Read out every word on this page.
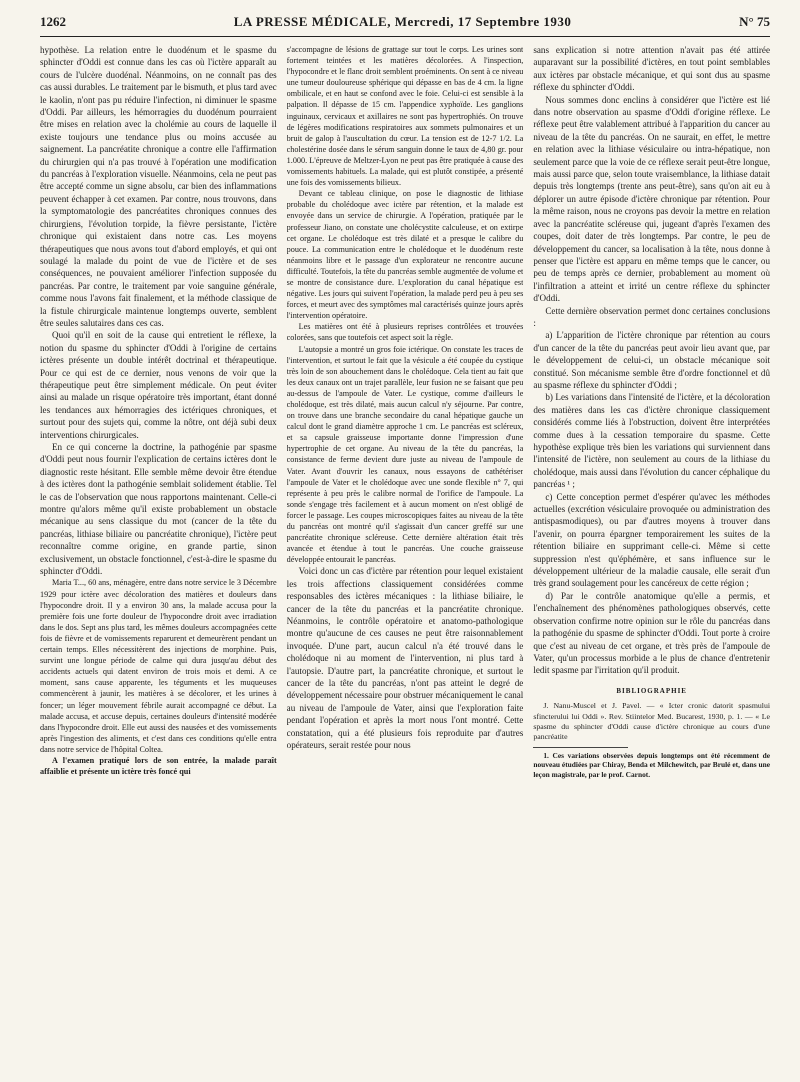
1262	LA PRESSE MÉDICALE, Mercredi, 17 Septembre 1930	N° 75

hypothèse. La relation entre le duodénum et le spasme du sphincter d'Oddi est connue dans les cas où l'ictère apparaît au cours de l'ulcère duodénal. Néanmoins, on ne connaît pas des cas aussi durables. Le traitement par le bismuth, et plus tard avec le kaolin, n'ont pas pu réduire l'infection, ni diminuer le spasme d'Oddi. Par ailleurs, les hémorragies du duodénum pourraient être mises en relation avec la cholémie au cours de laquelle il existe toujours une tendance plus ou moins accusée au saignement. La pancréatite chronique a contre elle l'affirmation du chirurgien qui n'a pas trouvé à l'opération une modification du pancréas à l'exploration visuelle. Néanmoins, cela ne peut pas être accepté comme un signe absolu, car bien des inflammations peuvent échapper à cet examen. Par contre, nous trouvons, dans la symptomatologie des pancréatites chroniques connues des chirurgiens, l'évolution torpide, la fièvre persistante, l'ictère chronique qui existaient dans notre cas. Les moyens thérapeutiques que nous avons tout d'abord employés, et qui ont soulagé la malade du point de vue de l'ictère et de ses conséquences, ne pouvaient améliorer l'infection supposée du pancréas. Par contre, le traitement par voie sanguine générale, comme nous l'avons fait finalement, et la méthode classique de la fistule chirurgicale maintenue longtemps ouverte, semblent être seules salutaires dans ces cas.

Quoi qu'il en soit de la cause qui entretient le réflexe, la notion du spasme du sphincter d'Oddi à l'origine de certains ictères présente un double intérêt doctrinal et thérapeutique. Pour ce qui est de ce dernier, nous venons de voir que la thérapeutique peut être simplement médicale. On peut éviter ainsi au malade un risque opératoire très important, étant donné les tendances aux hémorragies des ictériques chroniques, et surtout pour des sujets qui, comme la nôtre, ont déjà subi deux interventions chirurgicales.

En ce qui concerne la doctrine, la pathogénie par spasme d'Oddi peut nous fournir l'explication de certains ictères dont le diagnostic reste hésitant. Elle semble même devoir être étendue à des ictères dont la pathogénie semblait solidement établie. Tel le cas de l'observation que nous rapportons maintenant. Celle-ci montre qu'alors même qu'il existe probablement un obstacle mécanique au sens classique du mot (cancer de la tête du pancréas, lithiase biliaire ou pancréatite chronique), l'ictère peut reconnaître comme origine, en grande partie, sinon exclusivement, un obstacle fonctionnel, c'est-à-dire le spasme du sphincter d'Oddi.

Maria T..., 60 ans, ménagère, entre dans notre service le 3 Décembre 1929 pour ictère avec décoloration des matières et douleurs dans l'hypocondre droit. Il y a environ 30 ans, la malade accusa pour la première fois une forte douleur de l'hypocondre droit avec irradiation dans le dos. Sept ans plus tard, les mêmes douleurs accompagnées cette fois de fièvre et de vomissements reparurent et demeurèrent pendant un certain temps. Elles nécessitèrent des injections de morphine. Puis, survint une longue période de calme qui dura jusqu'au début des accidents actuels qui datent environ de trois mois et demi. A ce moment, sans cause apparente, les téguments et les muqueuses commencèrent à jaunir, les matières à se décolorer, et les urines à foncer; un léger mouvement fébrile aurait accompagné ce début. La malade accusa, et accuse depuis, certaines douleurs d'intensité modérée dans l'hypocondre droit. Elle eut aussi des nausées et des vomissements après l'ingestion des aliments, et c'est dans ces conditions qu'elle entra dans notre service de l'hôpital Coltea.

A l'examen pratiqué lors de son entrée, la malade paraît affaiblie et présente un ictère très foncé qui

s'accompagne de lésions de grattage sur tout le corps. Les urines sont fortement teintées et les matières décolorées. A l'inspection, l'hypocondre et le flanc droit semblent proéminents. On sent à ce niveau une tumeur douloureuse sphérique qui dépasse en bas de 4 cm. la ligne ombilicale, et en haut se confond avec le foie. Celui-ci est sensible à la palpation. Il dépasse de 15 cm. l'appendice xyphoïde. Les ganglions inguinaux, cervicaux et axillaires ne sont pas hypertrophiés. On trouve de légères modifications respiratoires aux sommets pulmonaires et un bruit de galop à l'auscultation du cœur. La tension est de 12-7 1/2. La cholestérine dosée dans le sérum sanguin donne le taux de 4,80 gr. pour 1.000. L'épreuve de Meltzer-Lyon ne peut pas être pratiquée à cause des vomissements habituels. La malade, qui est plutôt constipée, a présenté une fois des vomissements bilieux.

Devant ce tableau clinique, on pose le diagnostic de lithiase probable du cholédoque avec ictère par rétention, et la malade est envoyée dans un service de chirurgie. A l'opération, pratiquée par le professeur Jiano, on constate une cholécystite calculeuse, et on extirpe cet organe. Le cholédoque est très dilaté et a presque le calibre du pouce. La communication entre le cholédoque et le duodénum reste néanmoins libre et le passage d'un explorateur ne rencontre aucune difficulté. Toutefois, la tête du pancréas semble augmentée de volume et se montre de consistance dure. L'exploration du canal hépatique est négative. Les jours qui suivent l'opération, la malade perd peu à peu ses forces, et meurt avec des symptômes mal caractérisés quinze jours après l'intervention opératoire.

Les matières ont été à plusieurs reprises contrôlées et trouvées colorées, sans que toutefois cet aspect soit la règle.

L'autopsie a montré un gros foie ictérique. On constate les traces de l'intervention, et surtout le fait que la vésicule a été coupée du cystique très loin de son abouchement dans le cholédoque. Cela tient au fait que les deux canaux ont un trajet parallèle, leur fusion ne se faisant que peu au-dessus de l'ampoule de Vater. Le cystique, comme d'ailleurs le cholédoque, est très dilaté, mais aucun calcul n'y séjourne. Par contre, on trouve dans une branche secondaire du canal hépatique gauche un calcul dont le grand diamètre approche 1 cm. Le pancréas est scléreux, et sa capsule graisseuse importante donne l'impression d'une hypertrophie de cet organe. Au niveau de la tête du pancréas, la consistance de ferme devient dure juste au niveau de l'ampoule de Vater. Avant d'ouvrir les canaux, nous essayons de cathétériser l'ampoule de Vater et le cholédoque avec une sonde flexible n° 7, qui représente à peu près le calibre normal de l'orifice de l'ampoule. La sonde s'engage très facilement et à aucun moment on n'est obligé de forcer le passage. Les coupes microscopiques faites au niveau de la tête du pancréas ont montré qu'il s'agissait d'un cancer greffé sur une pancréatite chronique scléreuse. Cette dernière altération était très avancée et étendue à tout le pancréas. Une couche graisseuse développée entourait le pancréas.

Voici donc un cas d'ictère par rétention pour lequel existaient les trois affections classiquement considérées comme responsables des ictères mécaniques : la lithiase biliaire, le cancer de la tête du pancréas et la pancréatite chronique. Néanmoins, le contrôle opératoire et anatomo-pathologique montre qu'aucune de ces causes ne peut être raisonnablement invoquée. D'une part, aucun calcul n'a été trouvé dans le cholédoque ni au moment de l'intervention, ni plus tard à l'autopsie. D'autre part, la pancréatite chronique, et surtout le cancer de la tête du pancréas, n'ont pas atteint le degré de développement nécessaire pour obstruer mécaniquement le canal au niveau de l'ampoule de Vater, ainsi que l'exploration faite pendant l'opération et après la mort nous l'ont montré. Cette constatation, qui a été plusieurs fois reproduite par d'autres opérateurs, serait restée pour nous

sans explication si notre attention n'avait pas été attirée auparavant sur la possibilité d'ictères, en tout point semblables aux ictères par obstacle mécanique, et qui sont dus au spasme réflexe du sphincter d'Oddi.

Nous sommes donc enclins à considérer que l'ictère est lié dans notre observation au spasme d'Oddi d'origine réflexe. Le réflexe peut être valablement attribué à l'apparition du cancer au niveau de la tête du pancréas. On ne saurait, en effet, le mettre en relation avec la lithiase vésiculaire ou intra-hépatique, non seulement parce que la voie de ce réflexe serait peut-être longue, mais aussi parce que, selon toute vraisemblance, la lithiase datait depuis très longtemps (trente ans peut-être), sans qu'on ait eu à déplorer un autre épisode d'ictère chronique par rétention. Pour la même raison, nous ne croyons pas devoir la mettre en relation avec la pancréatite scléreuse qui, jugeant d'après l'examen des coupes, doit dater de très longtemps. Par contre, le peu de développement du cancer, sa localisation à la tête, nous donne à penser que l'ictère est apparu en même temps que le cancer, ou peu de temps après ce dernier, probablement au moment où l'infiltration a atteint et irrité un centre réflexe du sphincter d'Oddi.

Cette dernière observation permet donc certaines conclusions :

a) L'apparition de l'ictère chronique par rétention au cours d'un cancer de la tête du pancréas peut avoir lieu avant que, par le développement de celui-ci, un obstacle mécanique soit constitué. Son mécanisme semble être d'ordre fonctionnel et dû au spasme réflexe du sphincter d'Oddi ;

b) Les variations dans l'intensité de l'ictère, et la décoloration des matières dans les cas d'ictère chronique classiquement considérés comme liés à l'obstruction, doivent être interprétées comme dues à la cessation temporaire du spasme. Cette hypothèse explique très bien les variations qui surviennent dans l'intensité de l'ictère, non seulement au cours de la lithiase du cholédoque, mais aussi dans l'évolution du cancer céphalique du pancréas ¹ ;

c) Cette conception permet d'espérer qu'avec les méthodes actuelles (excrétion vésiculaire provoquée ou administration des antispasmodiques), ou par d'autres moyens à trouver dans l'avenir, on pourra épargner temporairement les suites de la rétention biliaire en supprimant celle-ci. Même si cette suppression n'est qu'éphémère, et sans influence sur le développement ultérieur de la maladie causale, elle serait d'un très grand soulagement pour les cancéreux de cette région ;

d) Par le contrôle anatomique qu'elle a permis, et l'enchaînement des phénomènes pathologiques observés, cette observation confirme notre opinion sur le rôle du pancréas dans la pathogénie du spasme de sphincter d'Oddi. Tout porte à croire que c'est au niveau de cet organe, et très près de l'ampoule de Vater, qu'un processus morbide a le plus de chance d'entretenir ledit spasme par l'irritation qu'il produit.

BIBLIOGRAPHIE

J. Nanu-Muscel et J. Pavel. — « Icter cronic datorit spasmului sfincterului lui Oddi ». Rev. Stiintelor Med. Bucarest, 1930, p. 1. — « Le spasme du sphincter d'Oddi cause d'ictère chronique au cours d'une pancréatite

1. Ces variations observées depuis longtemps ont été récemment de nouveau étudiées par Chiray, Benda et Milchewitch, par Brulé et, dans une leçon magistrale, par le prof. Carnot.
